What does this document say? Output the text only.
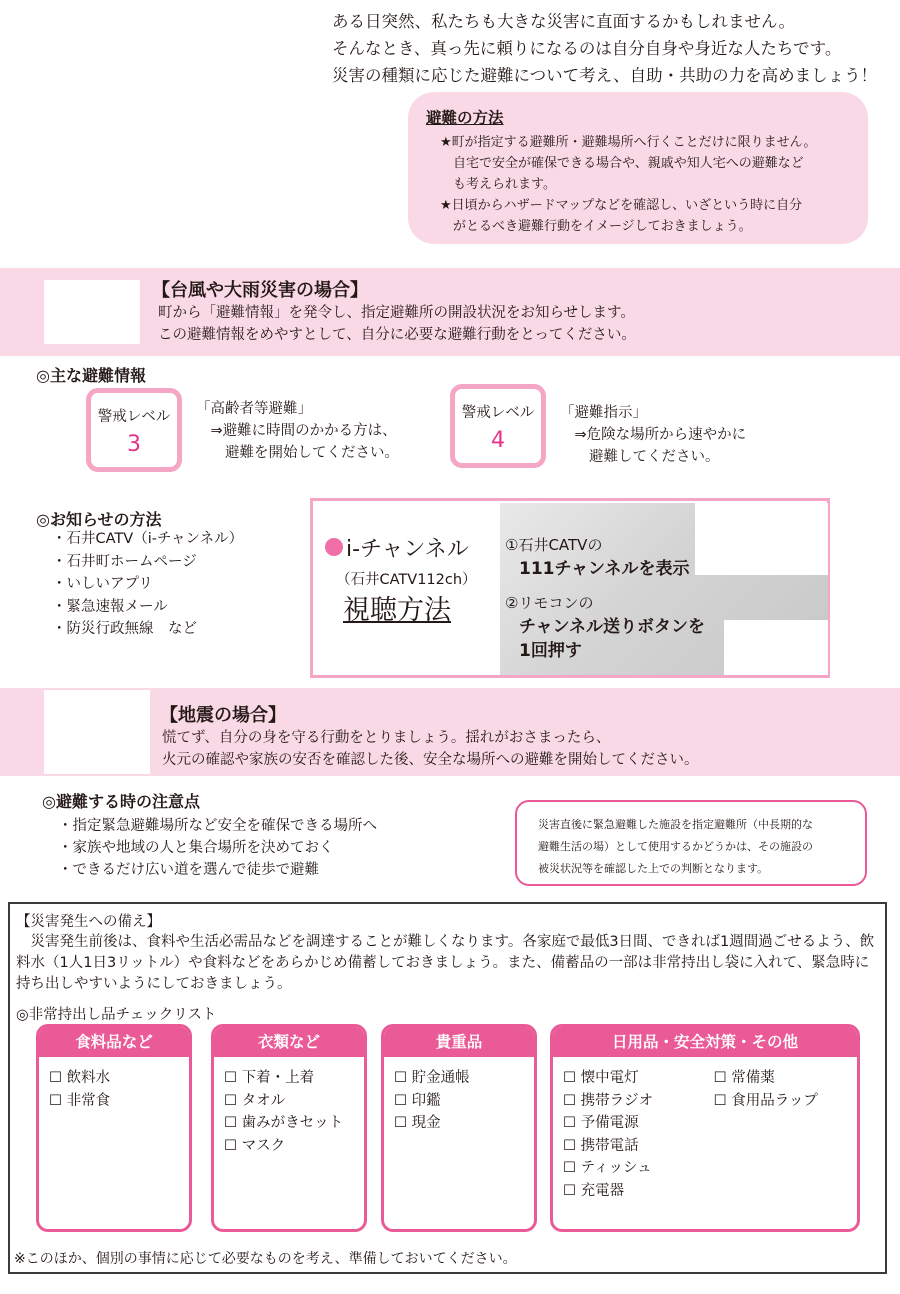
ある日突然、私たちも大きな災害に直面するかもしれません。
そんなとき、真っ先に頼りになるのは自分自身や身近な人たちです。
災害の種類に応じた避難について考え、自助・共助の力を高めましょう！
避難の方法
★町が指定する避難所・避難場所へ行くことだけに限りません。
　自宅で安全が確保できる場合や、親戚や知人宅への避難など
　も考えられます。
★日頃からハザードマップなどを確認し、いざという時に自分
　がとるべき避難行動をイメージしておきましょう。
【台風や大雨災害の場合】
町から「避難情報」を発令し、指定避難所の開設状況をお知らせします。
この避難情報をめやすとして、自分に必要な避難行動をとってください。
◎主な避難情報
警戒レベル
3
「高齢者等避難」
　⇒避難に時間のかかる方は、
　　避難を開始してください。
警戒レベル
4
「避難指示」
　⇒危険な場所から速やかに
　　避難してください。
◎お知らせの方法
・石井CATV（i-チャンネル）
・石井町ホームページ
・いしいアプリ
・緊急速報メール
・防災行政無線　など
i-チャンネル
（石井CATV112ch）
視聴方法
①石井CATVの
111チャンネルを表示
②リモコンの
チャンネル送りボタンを
1回押す
【地震の場合】
慌てず、自分の身を守る行動をとりましょう。揺れがおさまったら、
火元の確認や家族の安否を確認した後、安全な場所への避難を開始してください。
◎避難する時の注意点
・指定緊急避難場所など安全を確保できる場所へ
・家族や地域の人と集合場所を決めておく
・できるだけ広い道を選んで徒歩で避難
災害直後に緊急避難した施設を指定避難所（中長期的な
避難生活の場）として使用するかどうかは、その施設の
被災状況等を確認した上での判断となります。
【災害発生への備え】
　災害発生前後は、食料や生活必需品などを調達することが難しくなります。各家庭で最低3日間、できれば1週間過ごせるよう、飲料水（1人1日3リットル）や食料などをあらかじめ備蓄しておきましょう。また、備蓄品の一部は非常持出し袋に入れて、緊急時に持ち出しやすいようにしておきましょう。
◎非常持出し品チェックリスト
食料品など
☐ 飲料水
☐ 非常食
衣類など
☐ 下着・上着
☐ タオル
☐ 歯みがきセット
☐ マスク
貴重品
☐ 貯金通帳
☐ 印鑑
☐ 現金
日用品・安全対策・その他
☐ 懐中電灯
☐ 携帯ラジオ
☐ 予備電源
☐ 携帯電話
☐ ティッシュ
☐ 充電器

☐ 常備薬
☐ 食用品ラップ
※このほか、個別の事情に応じて必要なものを考え、準備しておいてください。
